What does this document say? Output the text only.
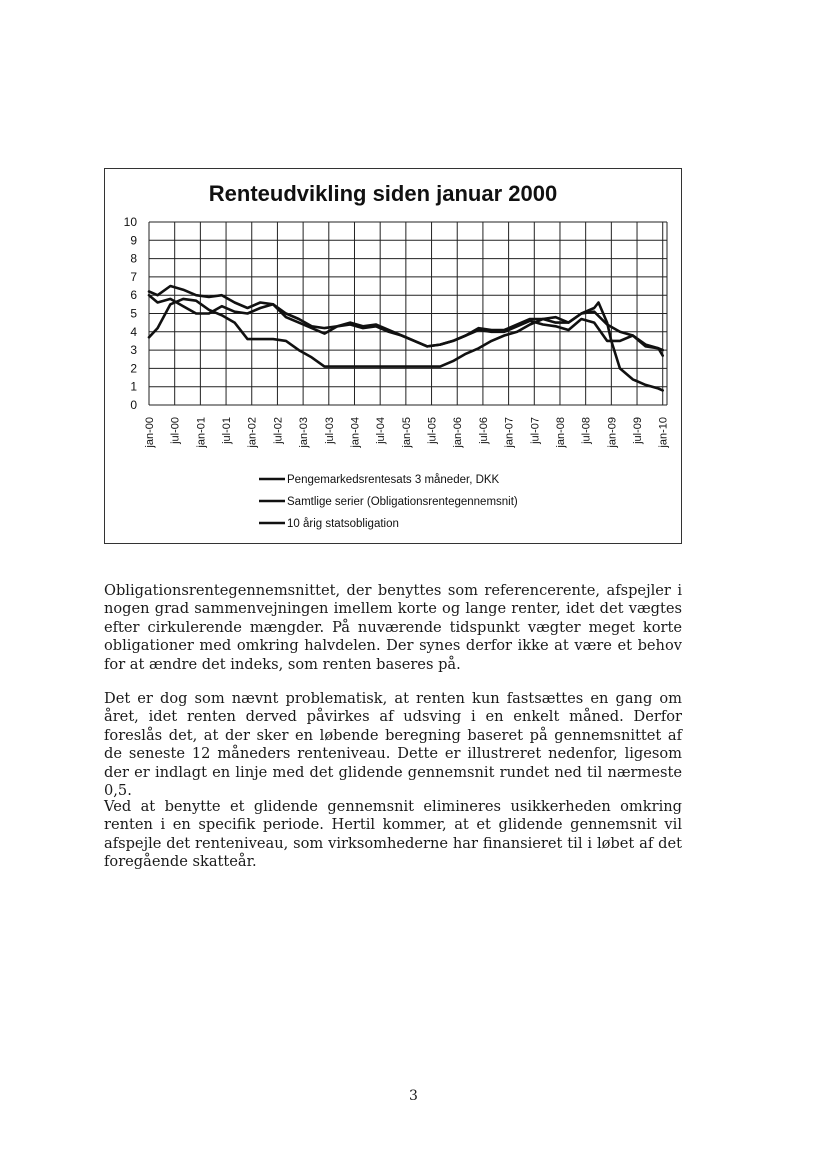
Renteudvikling siden januar 2000
0
1
2
3
4
5
6
7
8
9
10
jan-00 jul-00 jan-01 jul-01 jan-02 jul-02 jan-03 jul-03 jan-04 jul-04 jan-05 jul-05 jan-06 jul-06 jan-07 jul-07 jan-08 jul-08 jan-09 jul-09 jan-10
Pengemarkedsrentesats 3 måneder, DKK
Samtlige serier (Obligationsrentegennemsnit)
10 årig statsobligation

Obligationsrentegennemsnittet, der benyttes som referencerente, afspejler i nogen grad sammenvejningen imellem korte og lange renter, idet det vægtes efter cirkulerende mængder. På nuværende tidspunkt vægter meget korte obligationer med omkring halvdelen. Der synes derfor ikke at være et behov for at ændre det indeks, som renten baseres på.

Det er dog som nævnt problematisk, at renten kun fastsættes en gang om året, idet renten derved påvirkes af udsving i en enkelt måned. Derfor foreslås det, at der sker en løbende beregning baseret på gennemsnittet af de seneste 12 måneders renteniveau. Dette er illustreret nedenfor, ligesom der er indlagt en linje med det glidende gennemsnit rundet ned til nærmeste 0,5.

Ved at benytte et glidende gennemsnit elimineres usikkerheden omkring renten i en specifik periode. Hertil kommer, at et glidende gennemsnit vil afspejle det renteniveau, som virksomhederne har finansieret til i løbet af det foregående skatteår.

3
